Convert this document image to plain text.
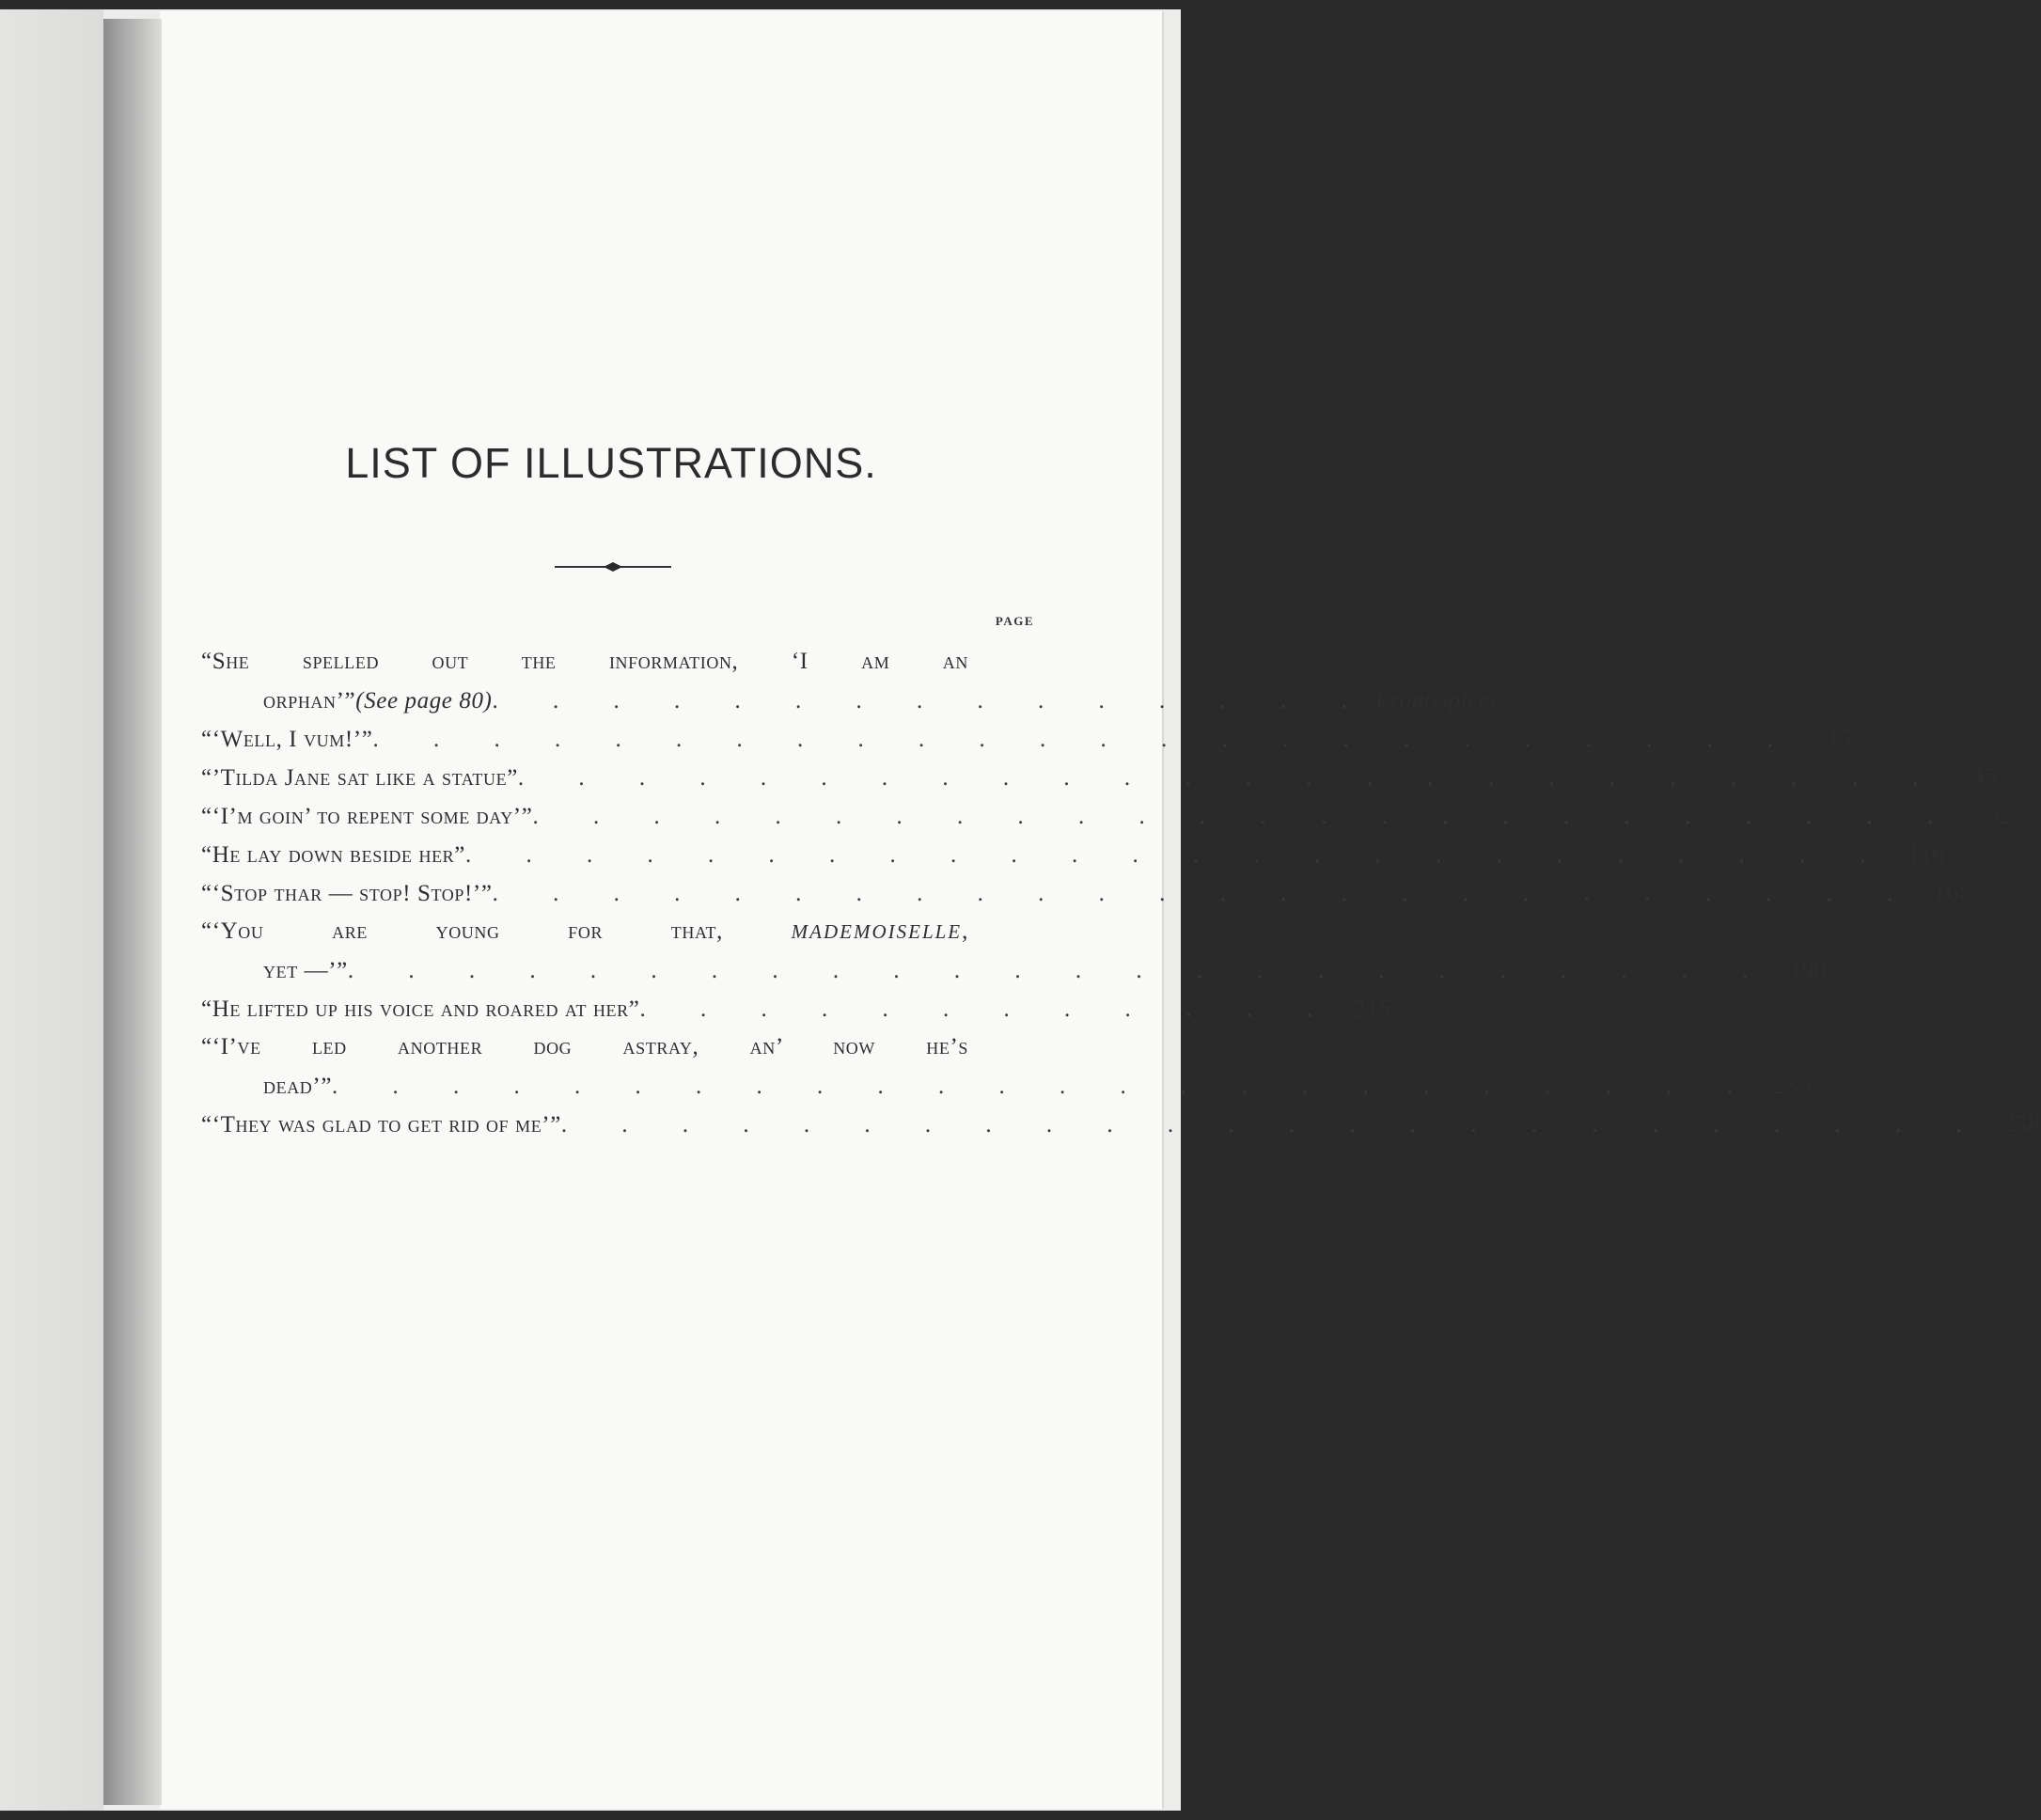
LIST OF ILLUSTRATIONS.
PAGE
“She spelled out the information, ‘I am an
orphan’” (See page 80) . . . . . . . . . . . . . . . Frontispiece
“‘Well, I vum!’” . . . . . . . . . . . . . . . . . . . . . . . .	15
“’Tilda Jane sat like a statue” . . . . . . . . . . . . . . . . . . . . . . . .	45
“‘I’m goin’ to repent some day’” . . . . . . . . . . . . . . . . . . . . . . . .	92
“He lay down beside her” . . . . . . . . . . . . . . . . . . . . . . . . 116
“‘Stop thar — stop! Stop!’” . . . . . . . . . . . . . . . . . . . . . . . . 168
“‘You are young for that, MADEMOISELLE,
yet —’” . . . . . . . . . . . . . . . . . . . . . . . . 190
“He lifted up his voice and roared at her” . . . . . . . . . . . . 215
“‘I’ve led another dog astray, an’ now he’s
dead’” . . . . . . . . . . . . . . . . . . . . . . . . 235
“‘They was glad to get rid of me’” . . . . . . . . . . . . . . . . . . . . . . . . 258
